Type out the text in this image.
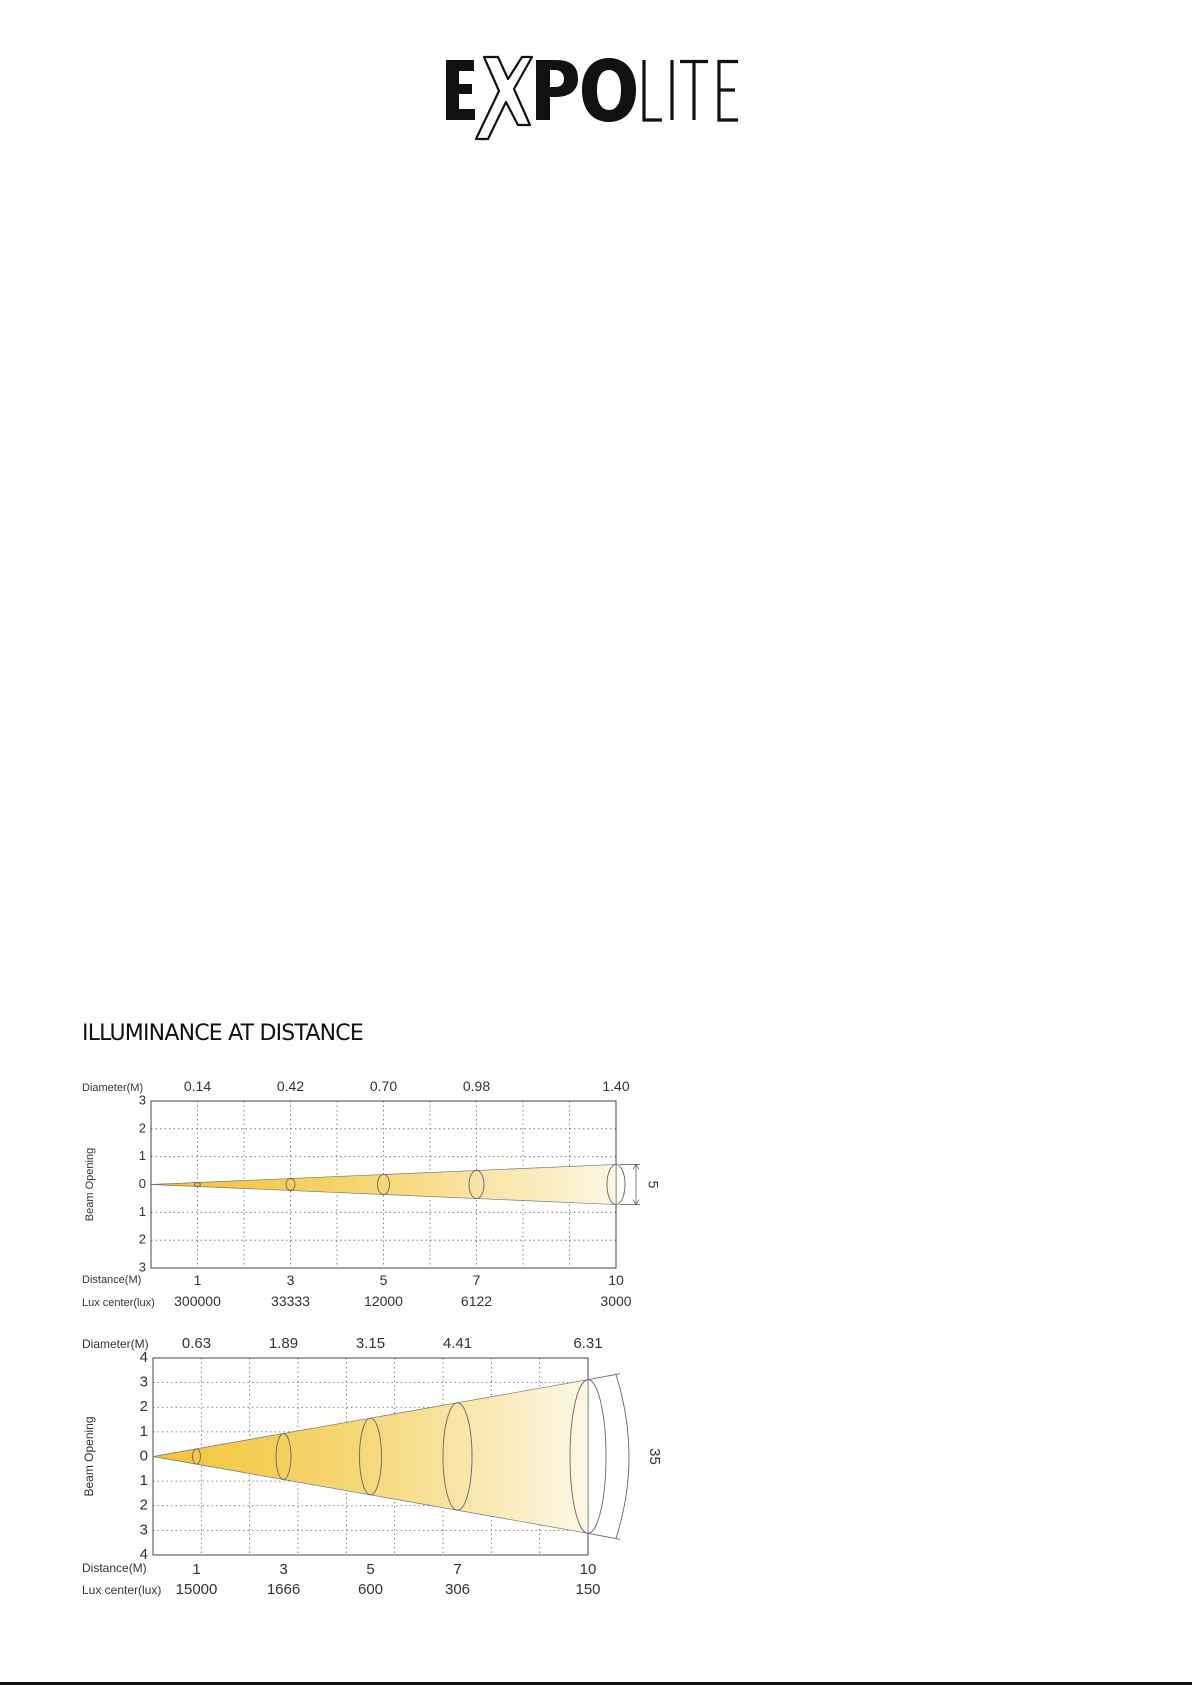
ILLUMINANCE AT DISTANCE
5
Diameter(M)
Distance(M)
Lux center(lux)
Beam Opening
3
2
1
0
1
2
3
0.14
1
300000
0.42
3
33333
0.70
5
12000
0.98
7
6122
1.40
10
3000
35
Diameter(M)
Distance(M)
Lux center(lux)
Beam Opening
4
3
2
1
0
1
2
3
4
0.63
1
15000
1.89
3
1666
3.15
5
600
4.41
7
306
6.31
10
150
